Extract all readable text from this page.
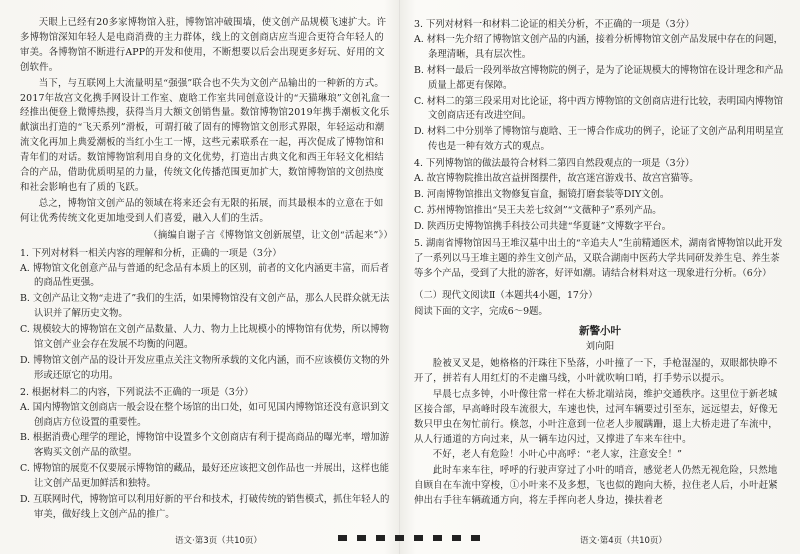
天眼上已经有20多家博物馆入驻，博物馆冲破围墙，使文创产品规模飞速扩大。许多博物馆深知年轻人是电商消费的主力群体，线上的文创商店应当迎合更符合年轻人的审美。各博物馆不断进行APP的开发和使用，不断想要以后会出现更多好玩、好用的文创软件。

当下，与互联网上大流量明星“强强”联合也不失为文创产品输出的一种新的方式。2017年故宫文化携手网设计工作室、鹿晗工作室共同创意设计的“天猫琳琅”文创礼盒一经推出便登上微博热搜，获得当月大额文创销售量。数馆博物馆2019年携手潮板文化乐献演出打造的“飞天系列”滑板，可谓打破了固有的博物馆文创形式界限，年轻运动和潮流文化再加上典爱潮板的当红小生工一博，这些元素联系在一起，再次促成了博物馆和青年们的对话。数馆博物馆利用自身的文化优势，打造出古典文化和西王年轻文化相结合的产品，借助优质明星的力量，传统文化传播范围更加扩大，数馆博物馆的文创热度和社会影响也有了质的飞跃。

总之，博物馆文创产品的领域在将来还会有无限的拓展，而其最根本的立意在于如何让优秀传统文化更加地受到人们喜爱，融入人们的生活。

（摘编自谢子言《博物馆文创新展望，让文创“活起来”》）

1. 下列对材料一相关内容的理解和分析，正确的一项是（3分）

A. 博物馆文化创意产品与普通的纪念品有本质上的区别，前者的文化内涵更丰富，而后者的商品性更强。

B. 文创产品让文物“走进了”我们的生活，如果博物馆没有文创产品，那么人民群众就无法认识并了解历史文物。

C. 规模较大的博物馆在文创产品数量、人力、物力上比规模小的博物馆有优势，所以博物馆文创产业会存在发展不均衡的问题。

D. 博物馆文创产品的设计开发应重点关注文物所承载的文化内涵，而不应该模仿文物的外形或还原它的功用。

2. 根据材料二的内容，下列说法不正确的一项是（3分）

A. 国内博物馆文创商店一般会设在整个场馆的出口处，如可见国内博物馆还没有意识到文创商店方位设置的重要性。

B. 根据消费心理学的理论，博物馆中设置多个文创商店有利于提高商品的曝光率，增加游客购买文创产品的欲望。

C. 博物馆的展览不仅要展示博物馆的藏品，最好还应该把文创作品也一并展出，这样也能让文创产品更加鲜活和独特。

D. 互联网时代，博物馆可以利用好新的平台和技术，打破传统的销售模式，抓住年轻人的审美，做好线上文创产品的推广。

3. 下列对材料一和材料二论证的相关分析，不正确的一项是（3分）

A. 材料一先介绍了博物馆文创产品的内涵，接着分析博物馆文创产品发展中存在的问题，条理清晰，具有层次性。

B. 材料一最后一段列举故宫博物院的例子，是为了论证规模大的博物馆在设计理念和产品质量上都更有保障。

C. 材料二的第三段采用对比论证，将中西方博物馆的文创商店进行比较，表明国内博物馆文创商店还有改进空间。

D. 材料二中分别举了博物馆与鹿晗、王一博合作成功的例子，论证了文创产品利用明星宣传也是一种有效方式的观点。

4. 下列博物馆的做法最符合材料二第四自然段观点的一项是（3分）

A. 故宫博物院推出故宫益拼图摆件，故宫迷宫游戏书、故宫宫猫等。

B. 河南博物馆推出文物修复盲盒，掘镜打磨套装等DIY文创。

C. 苏州博物馆推出“吴王夫差七纹剑”“文薇种子”系列产品。

D. 陕西历史博物馆携手科技公司共建“华夏谜”文博数字平台。

5. 湖南省博物馆因马王堆汉墓中出土的“辛追夫人”生前精通医术，湖南省博物馆以此开发了一系列以马王堆主题的养生文创产品，又联合湖南中医药大学共同研发养生皂、养生茶等多个产品，受到了大批的游客，好评如潮。请结合材料对这一现象进行分析。（6分）

（二）现代文阅读Ⅱ（本题共4小题，17分）

阅读下面的文字，完成6～9题。

新警小叶

刘向阳

脸被叉叉是，她格格的汗珠往下坠落，小叶撞了一下，手枪湿湿的，双眼都快睁不开了，拼若有人用红灯的不走幽马线，小叶就吹响口哨，打手势示以提示。

早晨七点多钟，小叶像往常一样在大桥北端站岗，维护交通秩序。这里位于新老城区接合部，早高峰时段车流很大，车速也快，过河车辆要过引至东，远远望去，好像无数只甲虫在匆忙前行。倏忽，小叶注意到一位老人步履蹒跚，退上大桥走进了车流中，从人行通道的方向过来，从一辆车边闪过，又撑进了车来车往中。

不好，老人有危险！小叶心中高呼：“老人家，注意安全！”

此时车来车往，呼呼的行驶声穿过了小叶的哨音，感觉老人仍然无视危险，只然地自顾自在车流中穿梭，①小叶来不及多想，飞也似的跑向大桥，拉住老人后，小叶赶紧伸出右手往车辆疏通方向，将左手挥向老人身边，操扶着老

语文·第3页（共10页）	语文·第4页（共10页）
